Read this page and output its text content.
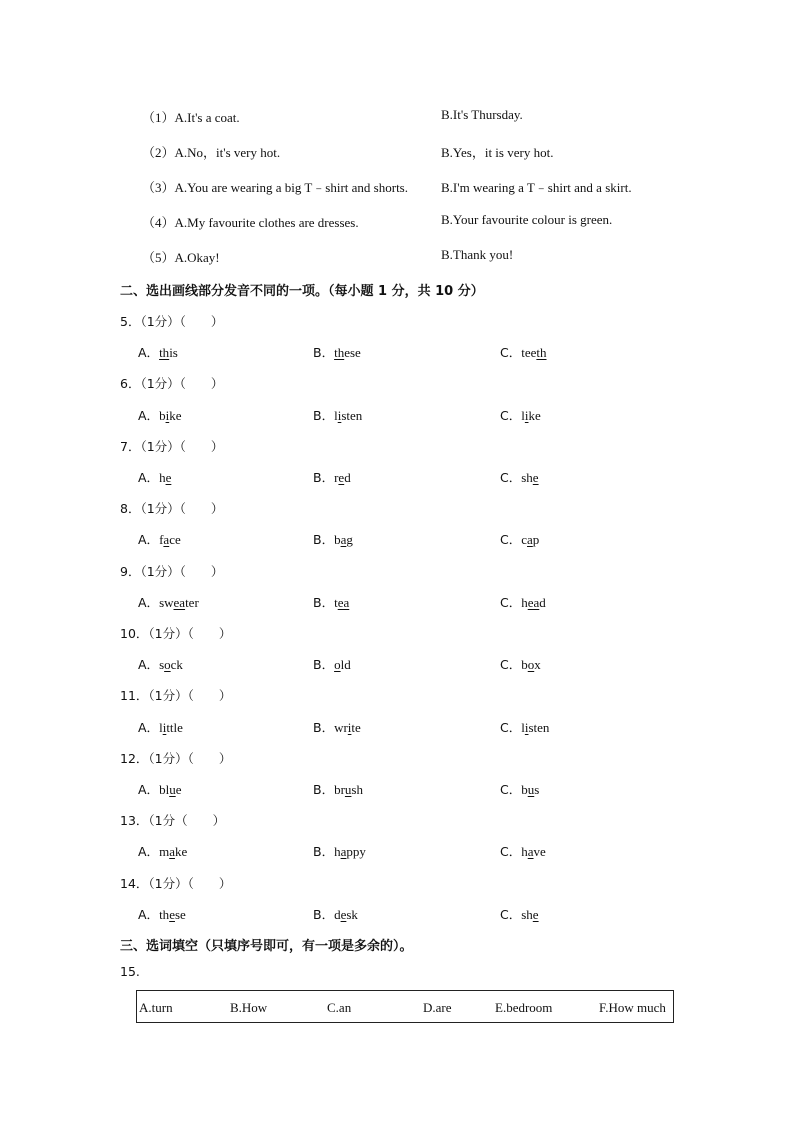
（1）A.It's a coat.	B.It's Thursday.
（2）A.No，it's very hot.	B.Yes，it is very hot.
（3）A.You are wearing a big T﹣shirt and shorts.	B.I'm wearing a T﹣shirt and a skirt.
（4）A.My favourite clothes are dresses.	B.Your favourite colour is green.
（5）A.Okay!	B.Thank you!
二、选出画线部分发音不同的一项。（每小题 1 分，共 10 分）
5．（1分）（　　）
A．this	B．these	C．teeth
6．（1分）（　　）
A．bike	B．listen	C．like
7．（1分）（　　）
A．he	B．red	C．she
8．（1分）（　　）
A．face	B．bag	C．cap
9．（1分）（　　）
A．sweater	B．tea	C．head
10．（1分）（　　）
A．sock	B．old	C．box
11．（1分）（　　）
A．little	B．write	C．listen
12．（1分）（　　）
A．blue	B．brush	C．bus
13．（1分（　　）
A．make	B．happy	C．have
14．（1分）（　　）
A．these	B．desk	C．she
三、选词填空（只填序号即可，有一项是多余的）。
15.
A.turn	B.How	C.an	D.are	E.bedroom	F.How much
